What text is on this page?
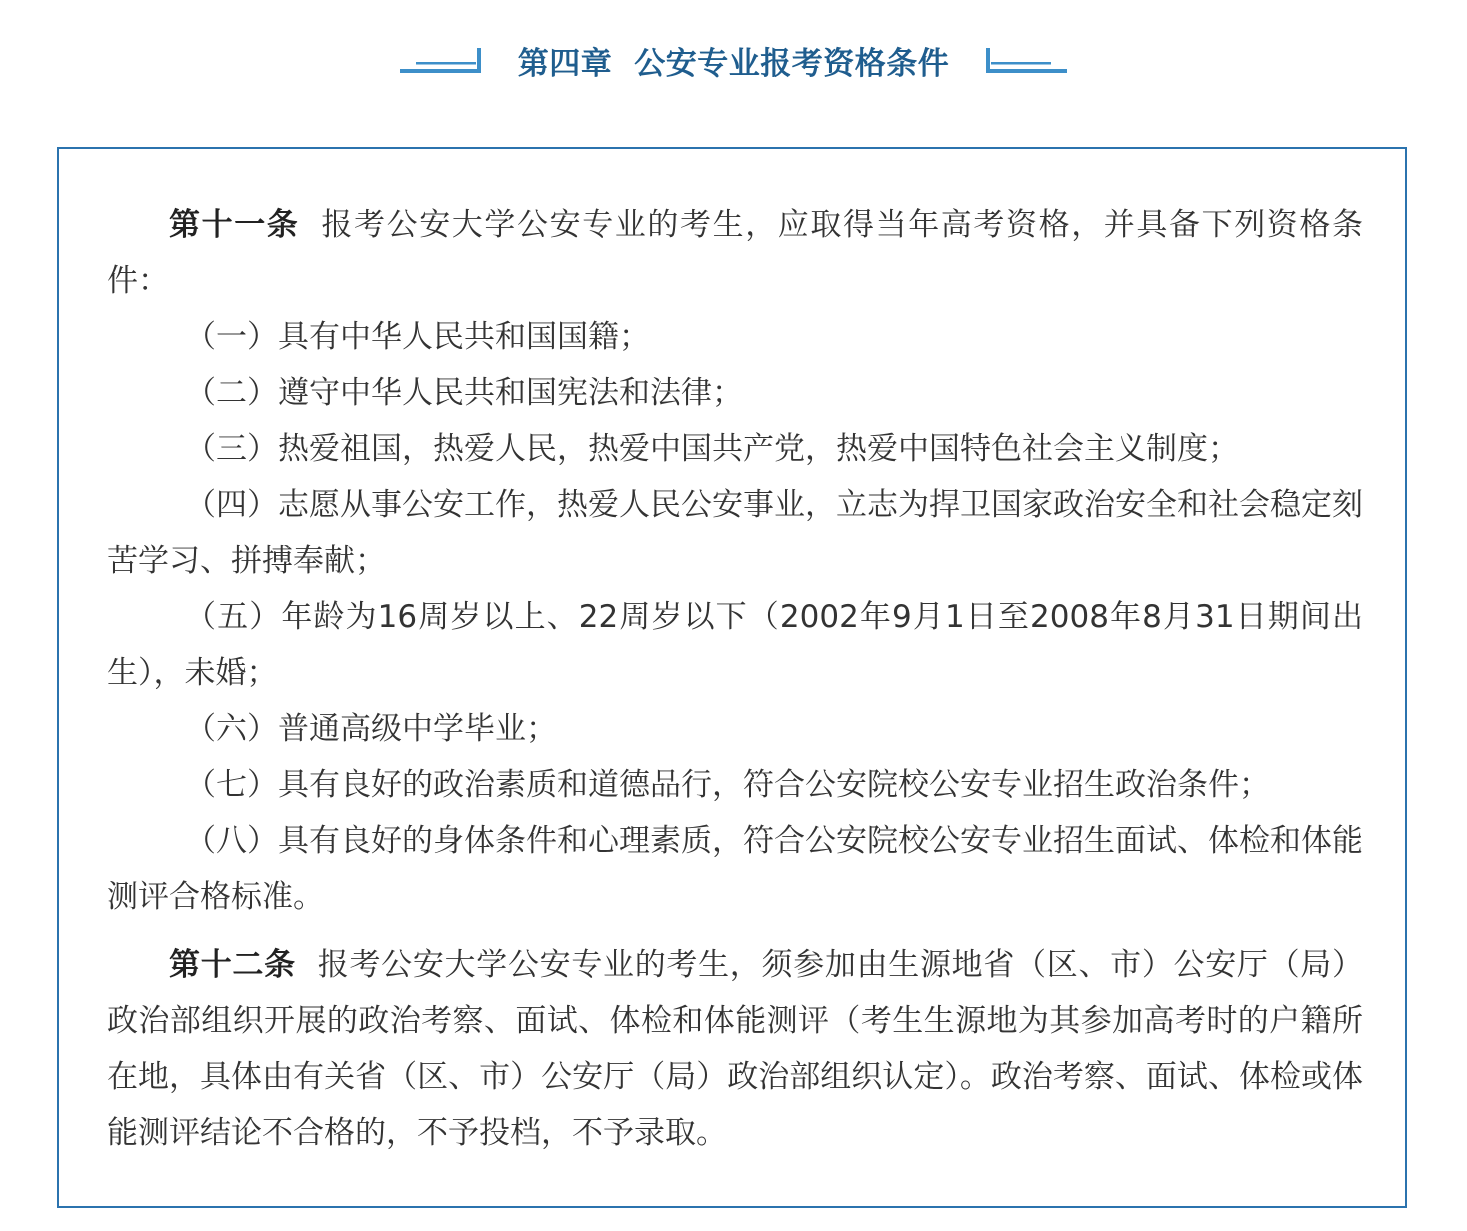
第四章 公安专业报考资格条件

第十一条 报考公安大学公安专业的考生，应取得当年高考资格，并具备下列资格条件：

（一）具有中华人民共和国国籍；

（二）遵守中华人民共和国宪法和法律；

（三）热爱祖国，热爱人民，热爱中国共产党，热爱中国特色社会主义制度；

（四）志愿从事公安工作，热爱人民公安事业，立志为捍卫国家政治安全和社会稳定刻苦学习、拼搏奉献；

（五）年龄为16周岁以上、22周岁以下（2002年9月1日至2008年8月31日期间出生），未婚；

（六）普通高级中学毕业；

（七）具有良好的政治素质和道德品行，符合公安院校公安专业招生政治条件；

（八）具有良好的身体条件和心理素质，符合公安院校公安专业招生面试、体检和体能测评合格标准。

第十二条 报考公安大学公安专业的考生，须参加由生源地省（区、市）公安厅（局）政治部组织开展的政治考察、面试、体检和体能测评（考生生源地为其参加高考时的户籍所在地，具体由有关省（区、市）公安厅（局）政治部组织认定）。政治考察、面试、体检或体能测评结论不合格的，不予投档，不予录取。
